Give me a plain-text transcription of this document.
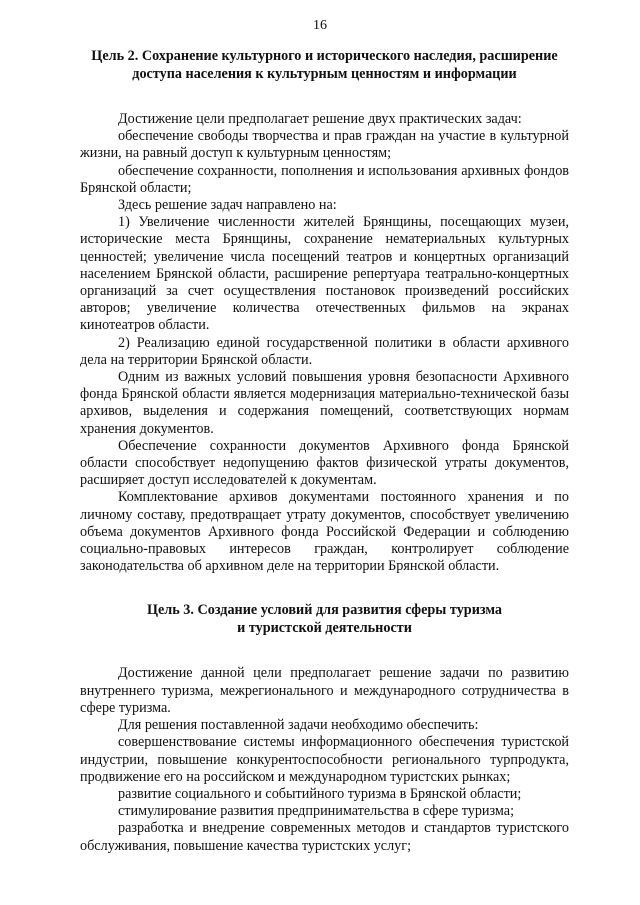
16
Цель 2. Сохранение культурного и исторического наследия, расширение
доступа населения к культурным ценностям и информации

Достижение цели предполагает решение двух практических задач:

обеспечение свободы творчества и прав граждан на участие в культурной жизни, на равный доступ к культурным ценностям;

обеспечение сохранности, пополнения и использования архивных фондов Брянской области;

Здесь решение задач направлено на:

1) Увеличение численности жителей Брянщины, посещающих музеи, исторические места Брянщины, сохранение нематериальных культурных ценностей; увеличение числа посещений театров и концертных организаций населением Брянской области, расширение репертуара театрально-концертных организаций за счет осуществления постановок произведений российских авторов; увеличение количества отечественных фильмов на экранах кинотеатров области.

2) Реализацию единой государственной политики в области архивного дела на территории Брянской области.

Одним из важных условий повышения уровня безопасности Архивного фонда Брянской области является модернизация материально-технической базы архивов, выделения и содержания помещений, соответствующих нормам хранения документов.

Обеспечение сохранности документов Архивного фонда Брянской области способствует недопущению фактов физической утраты документов, расширяет доступ исследователей к документам.

Комплектование архивов документами постоянного хранения и по личному составу, предотвращает утрату документов, способствует увеличению объема документов Архивного фонда Российской Федерации и соблюдению социально-правовых интересов граждан, контролирует соблюдение законодательства об архивном деле на территории Брянской области.

Цель 3. Создание условий для развития сферы туризма
и туристской деятельности

Достижение данной цели предполагает решение задачи по развитию внутреннего туризма, межрегионального и международного сотрудничества в сфере туризма.

Для решения поставленной задачи необходимо обеспечить:

совершенствование системы информационного обеспечения туристской индустрии, повышение конкурентоспособности регионального турпродукта, продвижение его на российском и международном туристских рынках;

развитие социального и событийного туризма в Брянской области;

стимулирование развития предпринимательства в сфере туризма;

разработка и внедрение современных методов и стандартов туристского обслуживания, повышение качества туристских услуг;
